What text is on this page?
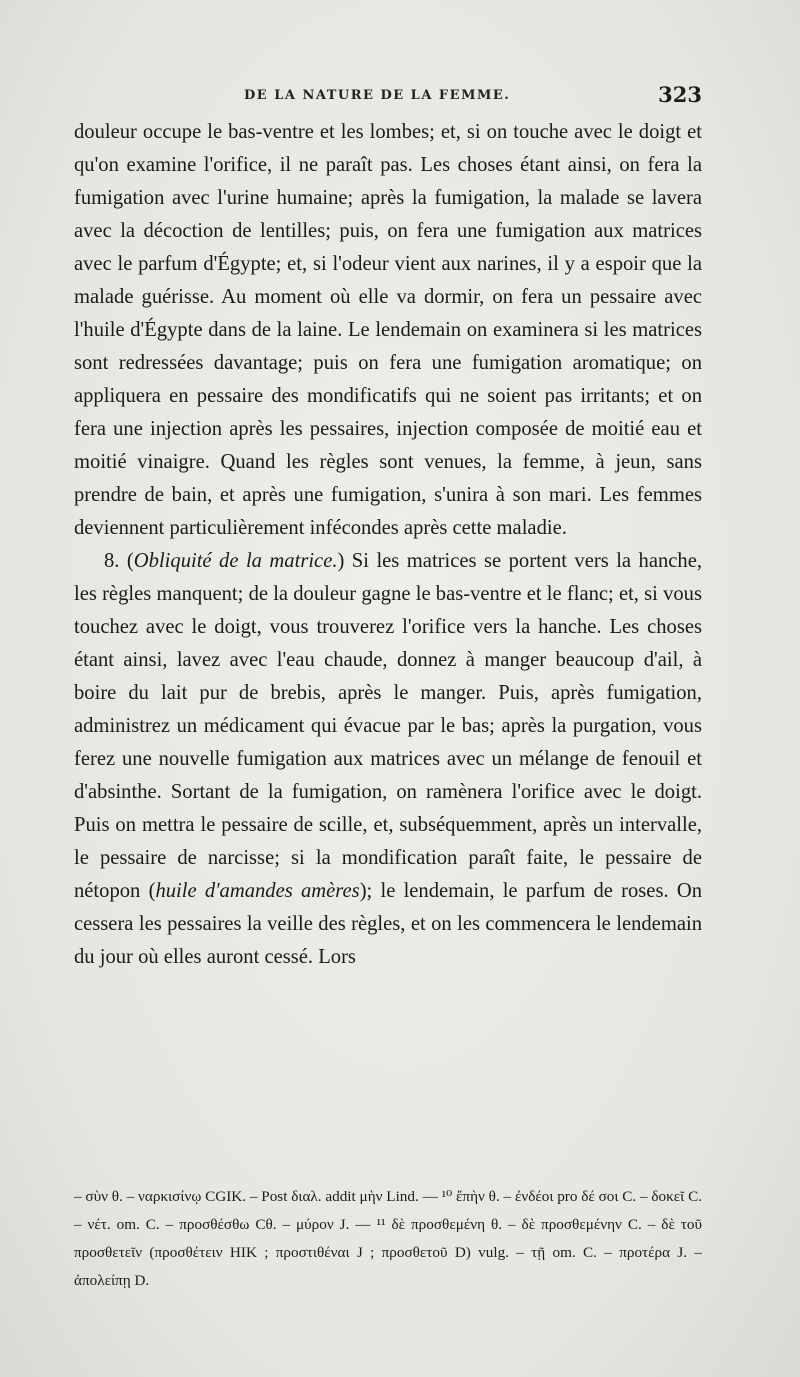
DE LA NATURE DE LA FEMME.	323

douleur occupe le bas-ventre et les lombes; et, si on touche avec le doigt et qu'on examine l'orifice, il ne paraît pas. Les choses étant ainsi, on fera la fumigation avec l'urine humaine; après la fumigation, la malade se lavera avec la décoction de lentilles; puis, on fera une fumigation aux matrices avec le parfum d'Égypte; et, si l'odeur vient aux narines, il y a espoir que la malade guérisse. Au moment où elle va dormir, on fera un pessaire avec l'huile d'Égypte dans de la laine. Le lendemain on examinera si les matrices sont redressées davantage; puis on fera une fumigation aromatique; on appliquera en pessaire des mondificatifs qui ne soient pas irritants; et on fera une injection après les pessaires, injection composée de moitié eau et moitié vinaigre. Quand les règles sont venues, la femme, à jeun, sans prendre de bain, et après une fumigation, s'unira à son mari. Les femmes deviennent particulièrement infécondes après cette maladie.

8. (Obliquité de la matrice.) Si les matrices se portent vers la hanche, les règles manquent; de la douleur gagne le bas-ventre et le flanc; et, si vous touchez avec le doigt, vous trouverez l'orifice vers la hanche. Les choses étant ainsi, lavez avec l'eau chaude, donnez à manger beaucoup d'ail, à boire du lait pur de brebis, après le manger. Puis, après fumigation, administrez un médicament qui évacue par le bas; après la purgation, vous ferez une nouvelle fumigation aux matrices avec un mélange de fenouil et d'absinthe. Sortant de la fumigation, on ramènera l'orifice avec le doigt. Puis on mettra le pessaire de scille, et, subséquemment, après un intervalle, le pessaire de narcisse; si la mondification paraît faite, le pessaire de nétopon (huile d'amandes amères); le lendemain, le parfum de roses. On cessera les pessaires la veille des règles, et on les commencera le lendemain du jour où elles auront cessé. Lors

– σὺν θ. – ναρκισίνῳ CGIK. – Post διαλ. addit μὴν Lind. — ¹⁰ ἔπὴν θ. – ἐνδέοι pro δέ σοι C. – δοκεῖ C. – νέτ. om. C. – προσθέσθω Cθ. – μύρον J. — ¹¹ δὲ προσθεμένη θ. – δὲ προσθεμένην C. – δὲ τοῦ προσθετεῖν (προσθέτειν HIK ; προστιθέναι J ; προσθετοῦ D) vulg. – τῇ om. C. – προτέρα J. – ἀπολείπῃ D.
